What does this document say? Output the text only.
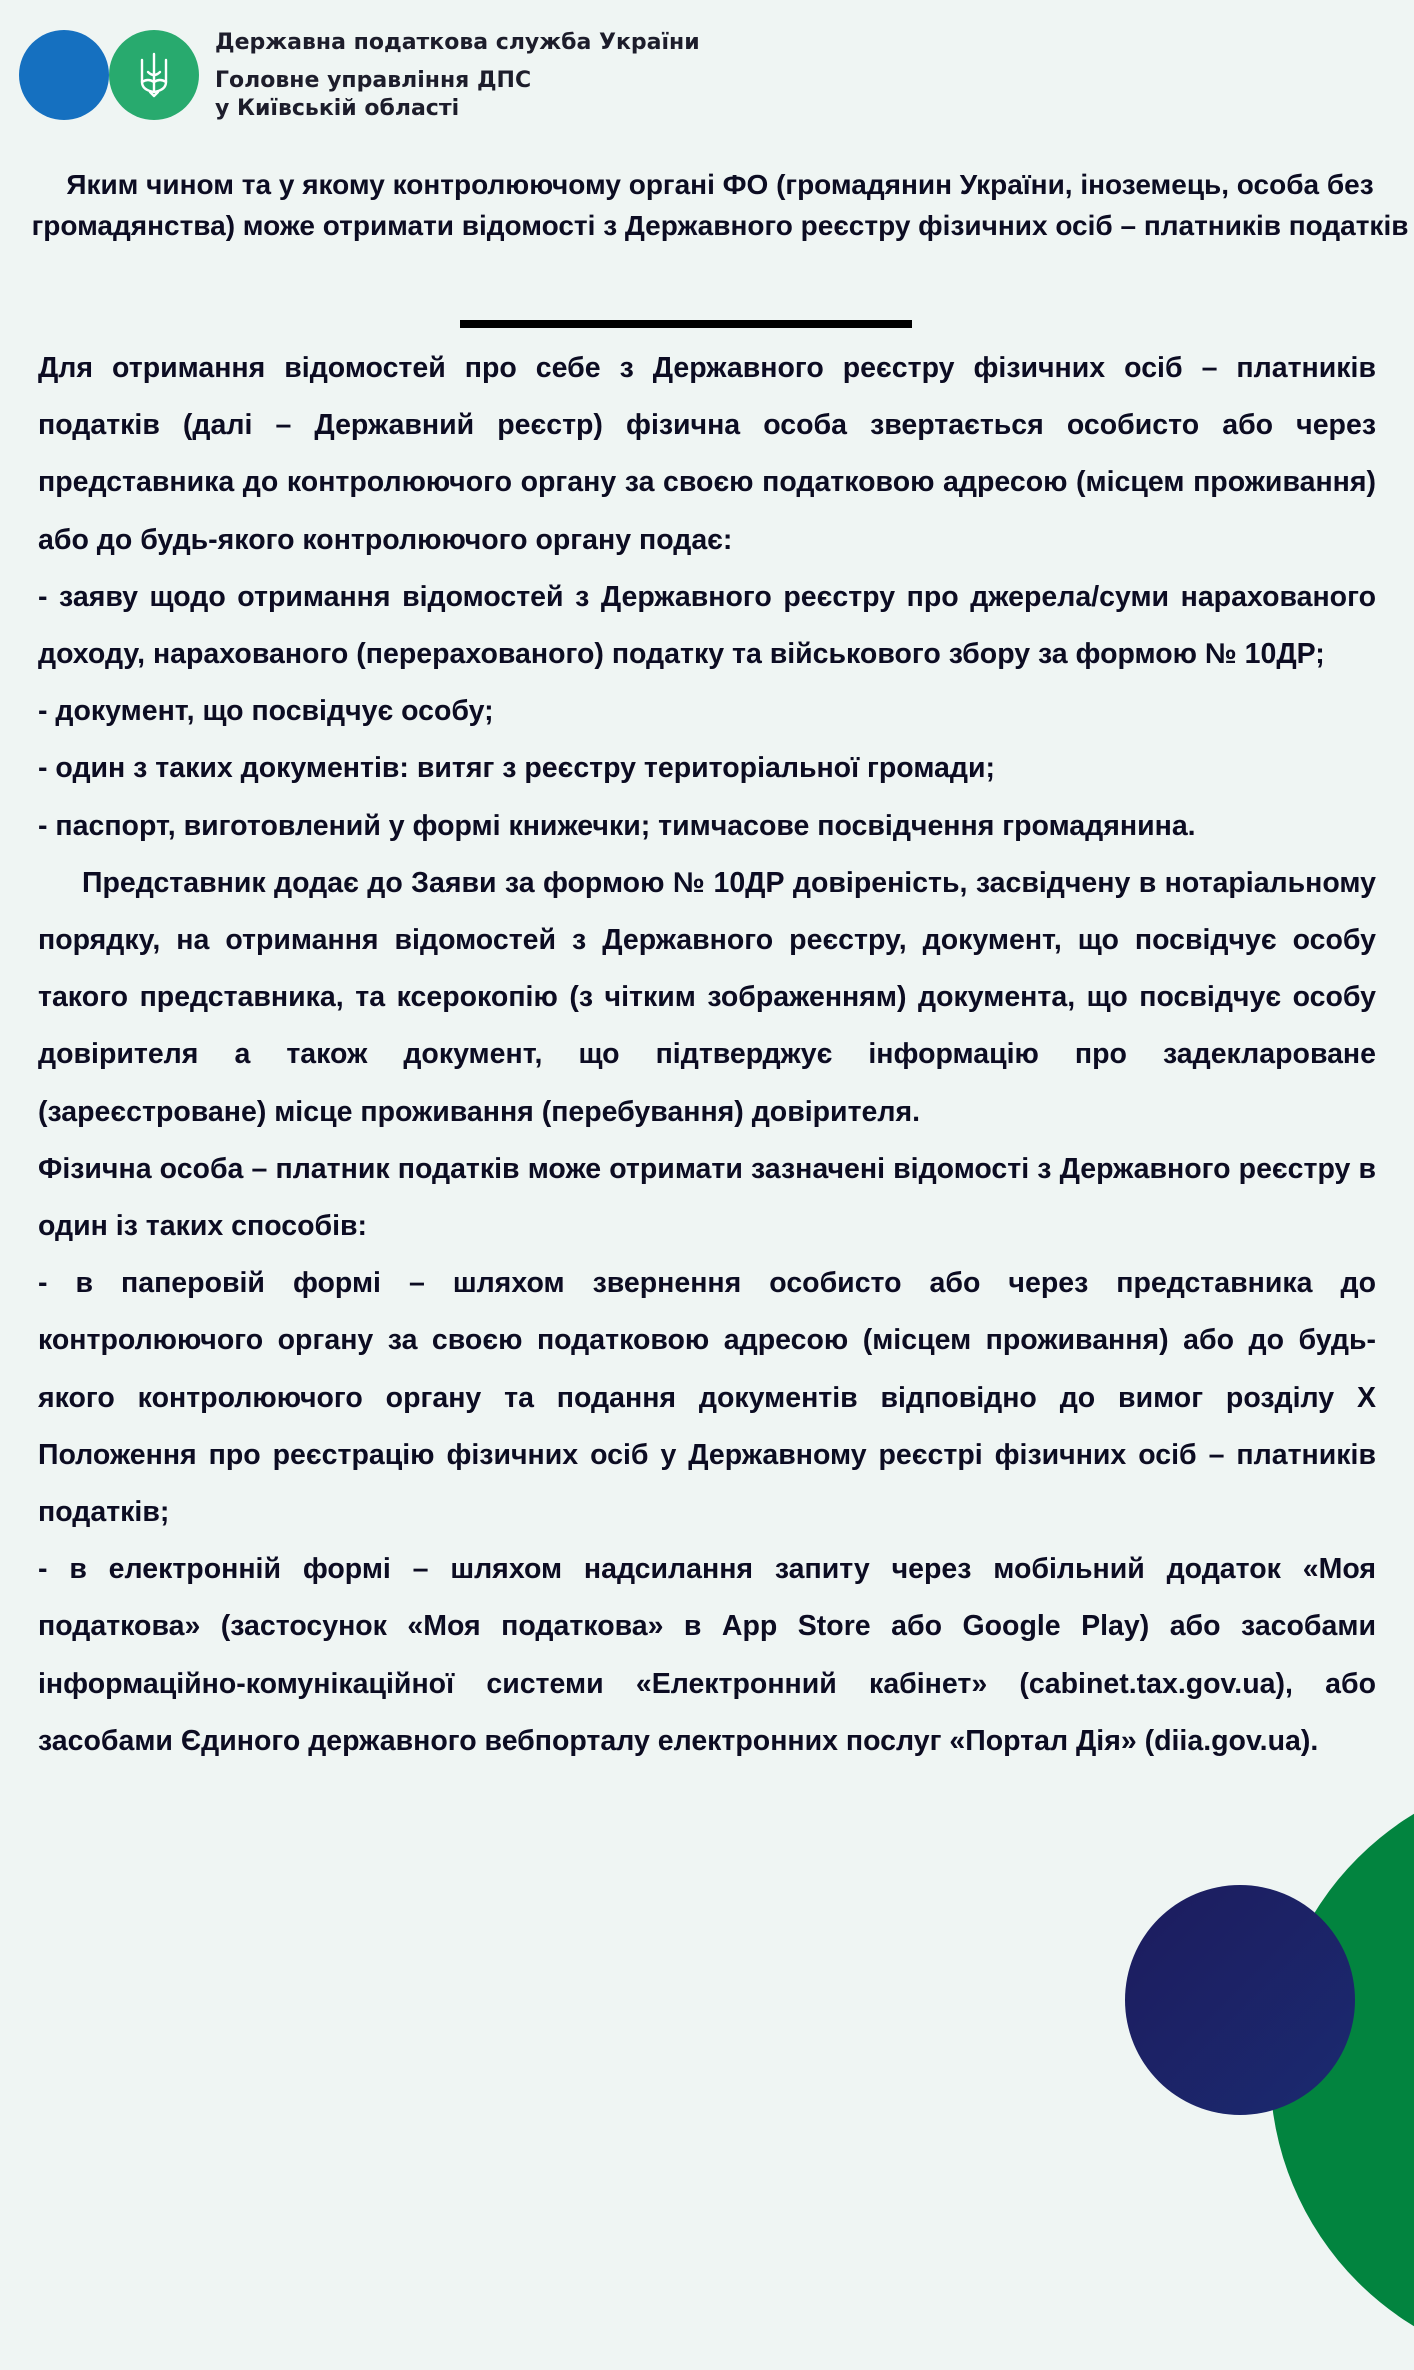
Державна податкова служба України
Головне управління ДПС
у Київській області
Яким чином та у якому контролюючому органі ФО (громадянин України, іноземець, особа без громадянства) може отримати відомості з Державного реєстру фізичних осіб – платників податків

Для отримання відомостей про себе з Державного реєстру фізичних осіб – платників податків (далі – Державний реєстр) фізична особа звертається особисто або через представника до контролюючого органу за своєю податковою адресою (місцем проживання) або до будь-якого контролюючого органу подає:

- заяву щодо отримання відомостей з Державного реєстру про джерела/суми нарахованого доходу, нарахованого (перерахованого) податку та військового збору за формою № 10ДР;

- документ, що посвідчує особу;

- один з таких документів: витяг з реєстру територіальної громади;

- паспорт, виготовлений у формі книжечки; тимчасове посвідчення громадянина.

Представник додає до Заяви за формою № 10ДР довіреність, засвідчену в нотаріальному порядку, на отримання відомостей з Державного реєстру, документ, що посвідчує особу такого представника, та ксерокопію (з чітким зображенням) документа, що посвідчує особу довірителя а також документ, що підтверджує інформацію про задеклароване (зареєстроване) місце проживання (перебування) довірителя.

Фізична особа – платник податків може отримати зазначені відомості з Державного реєстру в один із таких способів:

- в паперовій формі – шляхом звернення особисто або через представника до контролюючого органу за своєю податковою адресою (місцем проживання) або до будь-якого контролюючого органу та подання документів відповідно до вимог розділу X Положення про реєстрацію фізичних осіб у Державному реєстрі фізичних осіб – платників податків;

- в електронній формі – шляхом надсилання запиту через мобільний додаток «Моя податкова» (застосунок «Моя податкова» в App Store або Google Play) або засобами інформаційно-комунікаційної системи «Електронний кабінет» (cabinet.tax.gov.ua), або засобами Єдиного державного вебпорталу електронних послуг «Портал Дія» (diia.gov.ua).
